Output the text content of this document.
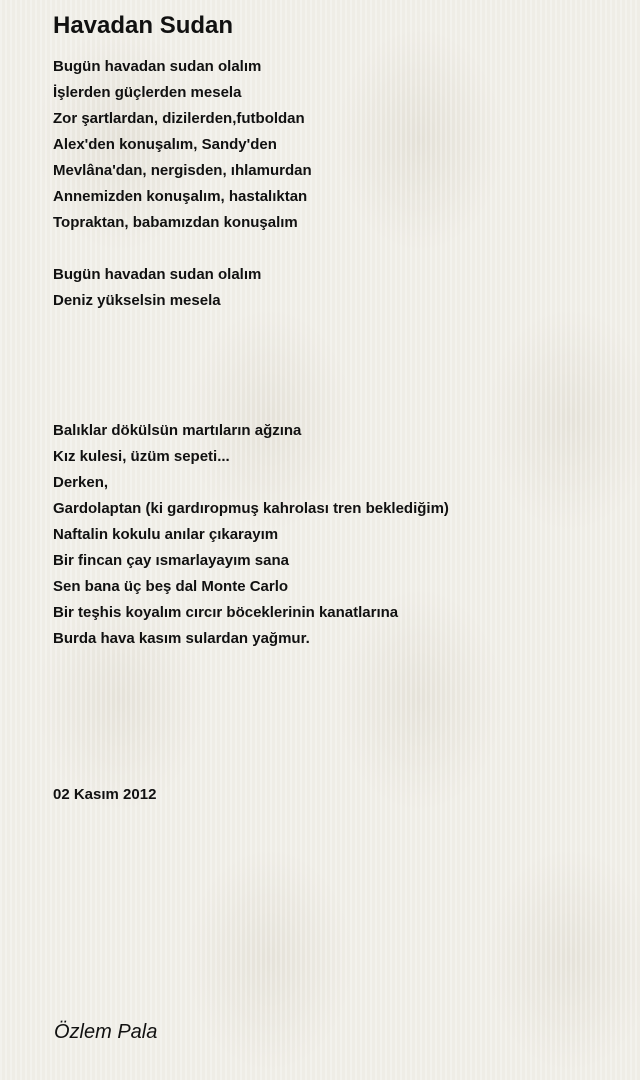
Havadan Sudan
Bugün havadan sudan olalım
İşlerden güçlerden mesela
Zor şartlardan, dizilerden,futboldan
Alex'den konuşalım, Sandy'den
Mevlâna'dan, nergisden, ıhlamurdan
Annemizden konuşalım, hastalıktan
Topraktan, babamızdan konuşalım
Bugün havadan sudan olalım
Deniz yükselsin mesela
Balıklar dökülsün martıların ağzına
Kız kulesi, üzüm sepeti...
Derken,
Gardolaptan (ki gardıropmuş kahrolası tren beklediğim)
Naftalin kokulu anılar çıkarayım
Bir fincan çay ısmarlayayım sana
Sen bana üç beş dal Monte Carlo
Bir teşhis koyalım cırcır böceklerinin kanatlarına
Burda hava kasım sulardan yağmur.
02 Kasım 2012
Özlem Pala
